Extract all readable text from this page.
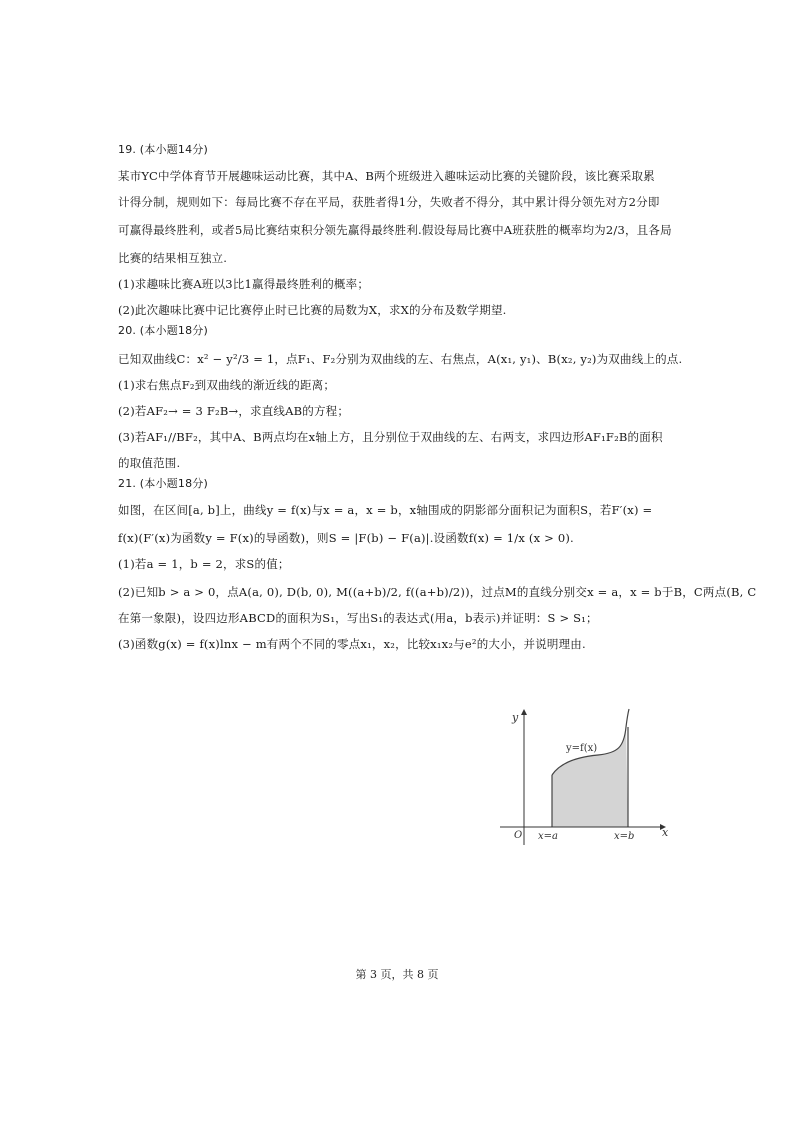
19. (本小题14分)
某市YC中学体育节开展趣味运动比赛，其中A、B两个班级进入趣味运动比赛的关键阶段，该比赛采取累
计得分制，规则如下：每局比赛不存在平局，获胜者得1分，失败者不得分，其中累计得分领先对方2分即
可赢得最终胜利，或者5局比赛结束积分领先赢得最终胜利.假设每局比赛中A班获胜的概率均为2/3，且各局
比赛的结果相互独立.
(1)求趣味比赛A班以3比1赢得最终胜利的概率；
(2)此次趣味比赛中记比赛停止时已比赛的局数为X，求X的分布及数学期望.
20. (本小题18分)
已知双曲线C：x² − y²/3 = 1，点F₁、F₂分别为双曲线的左、右焦点，A(x₁, y₁)、B(x₂, y₂)为双曲线上的点.
(1)求右焦点F₂到双曲线的渐近线的距离；
(2)若AF₂→ = 3 F₂B→，求直线AB的方程；
(3)若AF₁//BF₂，其中A、B两点均在x轴上方，且分别位于双曲线的左、右两支，求四边形AF₁F₂B的面积
的取值范围.
21. (本小题18分)
如图，在区间[a, b]上，曲线y = f(x)与x = a，x = b，x轴围成的阴影部分面积记为面积S，若F′(x) =
f(x)(F′(x)为函数y = F(x)的导函数)，则S = |F(b) − F(a)|.设函数f(x) = 1/x (x > 0).
(1)若a = 1，b = 2，求S的值；
(2)已知b > a > 0，点A(a, 0), D(b, 0), M((a+b)/2, f((a+b)/2))，过点M的直线分别交x = a，x = b于B，C两点(B, C
在第一象限)，设四边形ABCD的面积为S₁，写出S₁的表达式(用a，b表示)并证明：S > S₁；
(3)函数g(x) = f(x)lnx − m有两个不同的零点x₁，x₂，比较x₁x₂与e²的大小，并说明理由.
y
x
O
y=f(x)
x=a	x=b
第 3 页，共 8 页
